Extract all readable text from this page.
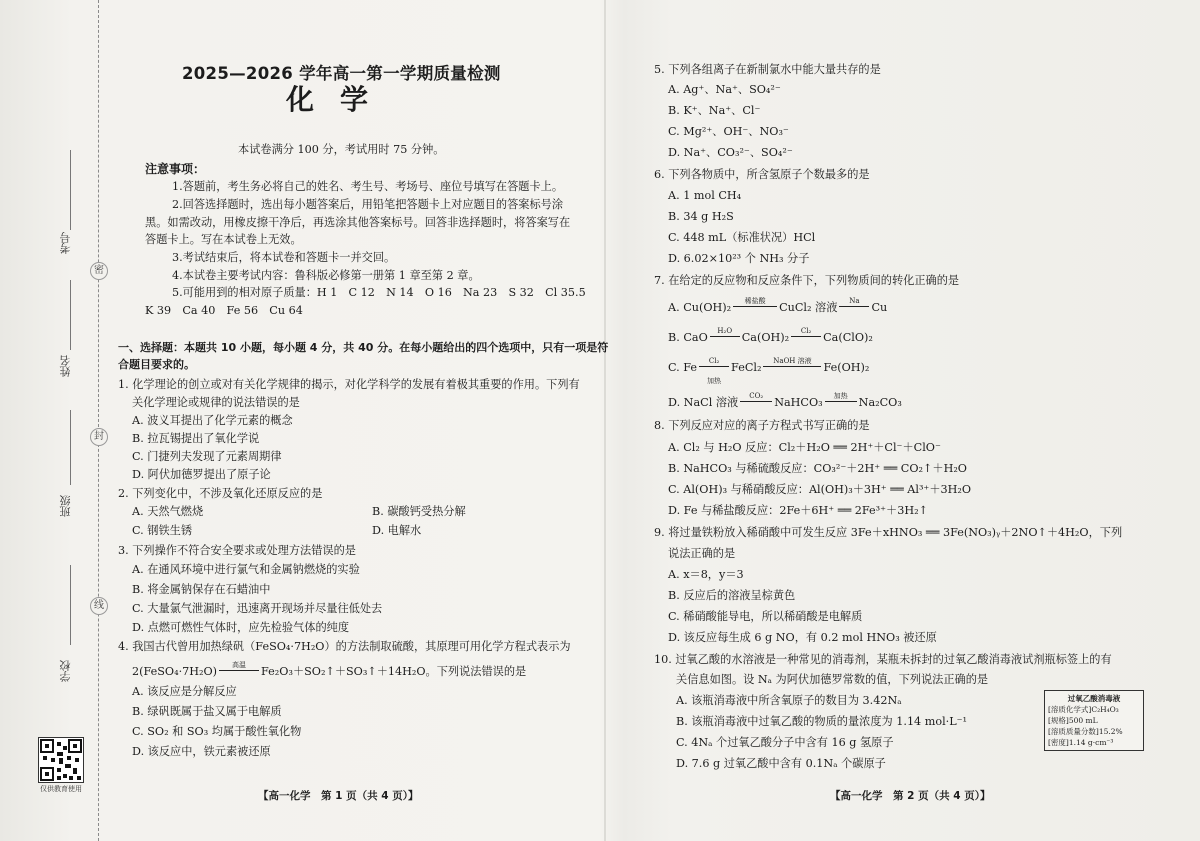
密
封
线
考号
姓名
班级
学校
仅供教育使用
2025—2026 学年高一第一学期质量检测
化学
本试卷满分 100 分，考试用时 75 分钟。
注意事项：
1.答题前，考生务必将自己的姓名、考生号、考场号、座位号填写在答题卡上。
2.回答选择题时，选出每小题答案后，用铅笔把答题卡上对应题目的答案标号涂
黑。如需改动，用橡皮擦干净后，再选涂其他答案标号。回答非选择题时，将答案写在
答题卡上。写在本试卷上无效。
3.考试结束后，将本试卷和答题卡一并交回。
4.本试卷主要考试内容：鲁科版必修第一册第 1 章至第 2 章。
5.可能用到的相对原子质量：H 1　C 12　N 14　O 16　Na 23　S 32　Cl 35.5
K 39　Ca 40　Fe 56　Cu 64
一、选择题：本题共 10 小题，每小题 4 分，共 40 分。在每小题给出的四个选项中，只有一项是符
合题目要求的。
1. 化学理论的创立或对有关化学规律的揭示，对化学科学的发展有着极其重要的作用。下列有
关化学理论或规律的说法错误的是
A. 波义耳提出了化学元素的概念
B. 拉瓦锡提出了氧化学说
C. 门捷列夫发现了元素周期律
D. 阿伏加德罗提出了原子论
2. 下列变化中，不涉及氧化还原反应的是
A. 天然气燃烧	B. 碳酸钙受热分解
C. 钢铁生锈	D. 电解水
3. 下列操作不符合安全要求或处理方法错误的是
A. 在通风环境中进行氯气和金属钠燃烧的实验
B. 将金属钠保存在石蜡油中
C. 大量氯气泄漏时，迅速离开现场并尽量往低处去
D. 点燃可燃性气体时，应先检验气体的纯度
4. 我国古代曾用加热绿矾（FeSO₄·7H₂O）的方法制取硫酸，其原理可用化学方程式表示为
2(FeSO₄·7H₂O)	高温	Fe₂O₃＋SO₂↑＋SO₃↑＋14H₂O。下列说法错误的是
A. 该反应是分解反应
B. 绿矾既属于盐又属于电解质
C. SO₂ 和 SO₃ 均属于酸性氧化物
D. 该反应中，铁元素被还原
【高一化学　第 1 页（共 4 页）】
5. 下列各组离子在新制氯水中能大量共存的是
A. Ag⁺、Na⁺、SO₄²⁻
B. K⁺、Na⁺、Cl⁻
C. Mg²⁺、OH⁻、NO₃⁻
D. Na⁺、CO₃²⁻、SO₄²⁻
6. 下列各物质中，所含氢原子个数最多的是
A. 1 mol CH₄
B. 34 g H₂S
C. 448 mL（标准状况）HCl
D. 6.02×10²³ 个 NH₃ 分子
7. 在给定的反应物和反应条件下，下列物质间的转化正确的是
A. Cu(OH)₂	稀盐酸	CuCl₂ 溶液	Na	Cu
B. CaO	H₂O Ca(OH)₂	Cl₂	Ca(ClO)₂
C. Fe	Cl₂
加热
FeCl₂	NaOH 溶液	Fe(OH)₂
D. NaCl 溶液	CO₂ NaHCO₃	加热 Na₂CO₃
8. 下列反应对应的离子方程式书写正确的是
A. Cl₂ 与 H₂O 反应：Cl₂＋H₂O ══ 2H⁺＋Cl⁻＋ClO⁻
B. NaHCO₃ 与稀硫酸反应：CO₃²⁻＋2H⁺ ══ CO₂↑＋H₂O
C. Al(OH)₃ 与稀硝酸反应：Al(OH)₃＋3H⁺ ══ Al³⁺＋3H₂O
D. Fe 与稀盐酸反应：2Fe＋6H⁺ ══ 2Fe³⁺＋3H₂↑
9. 将过量铁粉放入稀硝酸中可发生反应 3Fe＋xHNO₃ ══ 3Fe(NO₃)ᵧ＋2NO↑＋4H₂O，下列
说法正确的是
A. x＝8，y＝3
B. 反应后的溶液呈棕黄色
C. 稀硝酸能导电，所以稀硝酸是电解质
D. 该反应每生成 6 g NO，有 0.2 mol HNO₃ 被还原
10. 过氧乙酸的水溶液是一种常见的消毒剂，某瓶未拆封的过氧乙酸消毒液试剂瓶标签上的有
关信息如图。设 Nₐ 为阿伏加德罗常数的值，下列说法正确的是
A. 该瓶消毒液中所含氧原子的数目为 3.42Nₐ
B. 该瓶消毒液中过氧乙酸的物质的量浓度为 1.14 mol·L⁻¹
C. 4Nₐ 个过氧乙酸分子中含有 16 g 氢原子
D. 7.6 g 过氧乙酸中含有 0.1Nₐ 个碳原子
【高一化学　第 2 页（共 4 页）】
过氧乙酸消毒液
[溶质化学式]C₂H₄O₃
[规格]500 mL
[溶质质量分数]15.2%
[密度]1.14 g·cm⁻³
